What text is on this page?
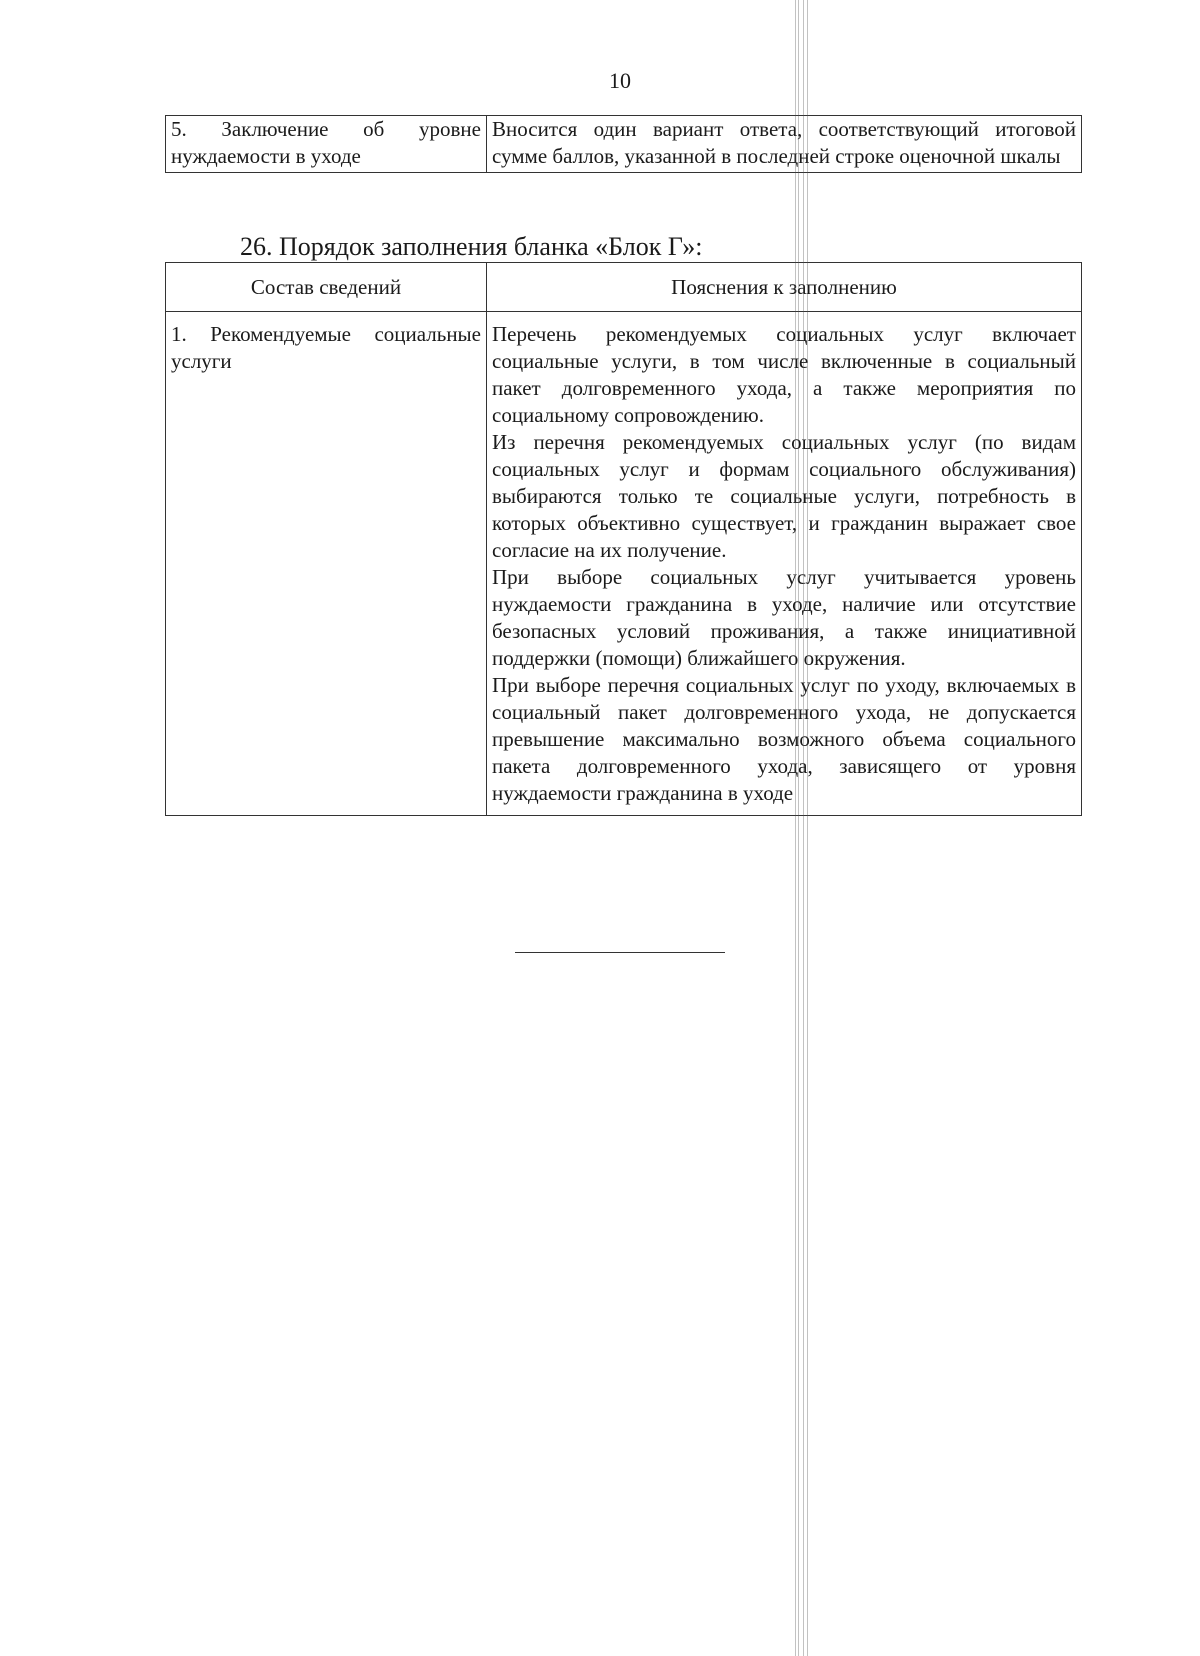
10
5. Заключение об уровне нуждаемости в уходе	Вносится один вариант ответа, соответствующий итоговой сумме баллов, указанной в последней строке оценочной шкалы
26. Порядок заполнения бланка «Блок Г»:
Состав сведений	Пояснения к заполнению
1. Рекомендуемые социальные услуги	Перечень рекомендуемых социальных услуг включает социальные услуги, в том числе включенные в социальный пакет долговременного ухода, а также мероприятия по социальному сопровождению.
Из перечня рекомендуемых социальных услуг (по видам социальных услуг и формам социального обслуживания) выбираются только те социальные услуги, потребность в которых объективно существует, и гражданин выражает свое согласие на их получение.
При выборе социальных услуг учитывается уровень нуждаемости гражданина в уходе, наличие или отсутствие безопасных условий проживания, а также инициативной поддержки (помощи) ближайшего окружения.
При выборе перечня социальных услуг по уходу, включаемых в социальный пакет долговременного ухода, не допускается превышение максимально возможного объема социального пакета долговременного ухода, зависящего от уровня нуждаемости гражданина в уходе
